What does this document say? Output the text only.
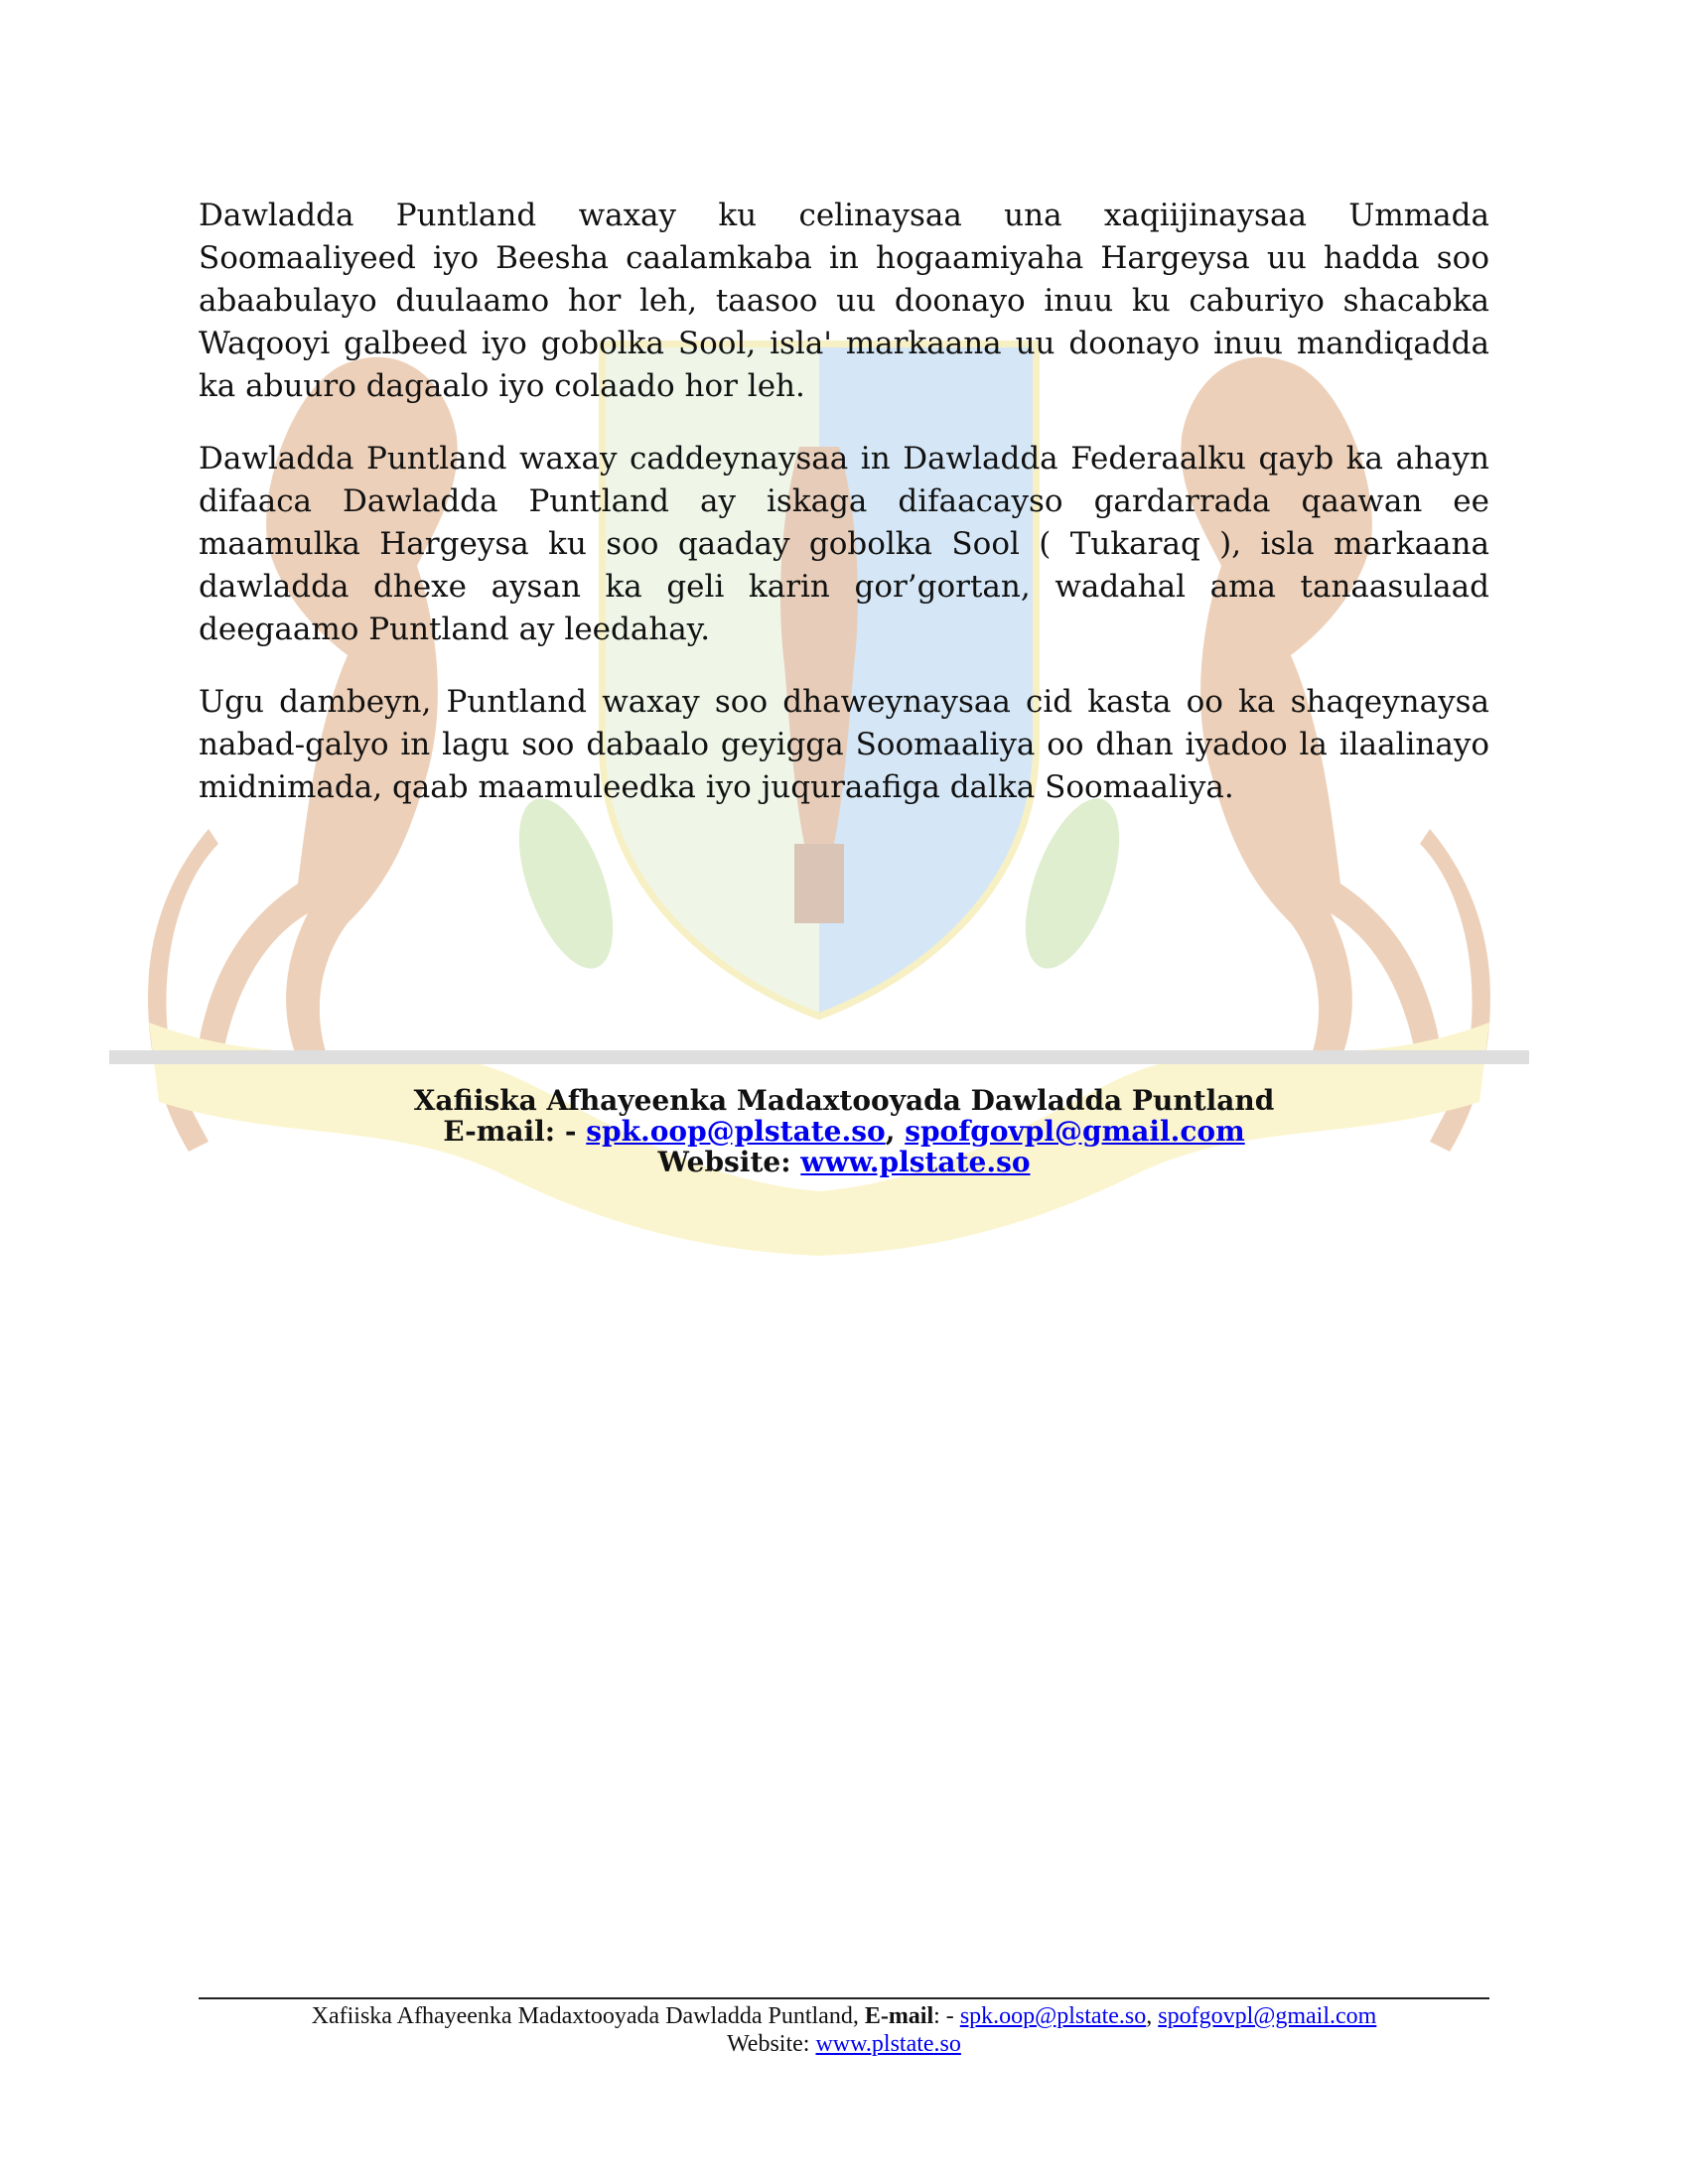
Dawladda Puntland waxay ku celinaysaa una xaqiijinaysaa Ummada Soomaaliyeed iyo Beesha caalamkaba in hogaamiyaha Hargeysa uu hadda soo abaabulayo duulaamo hor leh, taasoo uu doonayo inuu ku caburiyo shacabka Waqooyi galbeed iyo gobolka Sool, isla' markaana uu doonayo inuu mandiqadda ka abuuro dagaalo iyo colaado hor leh.

Dawladda Puntland waxay caddeynaysaa in Dawladda Federaalku qayb ka ahayn difaaca Dawladda Puntland ay iskaga difaacayso gardarrada qaawan ee maamulka Hargeysa ku soo qaaday gobolka Sool ( Tukaraq ), isla markaana dawladda dhexe aysan ka geli karin gor’gortan, wadahal ama tanaasulaad deegaamo Puntland ay leedahay.

Ugu dambeyn, Puntland waxay soo dhaweynaysaa cid kasta oo ka shaqeynaysa nabad-galyo in lagu soo dabaalo geyigga Soomaaliya oo dhan iyadoo la ilaalinayo midnimada, qaab maamuleedka iyo juquraafiga dalka Soomaaliya.

Xafiiska Afhayeenka Madaxtooyada Dawladda Puntland
E-mail: - spk.oop@plstate.so, spofgovpl@gmail.com
Website: www.plstate.so
Xafiiska Afhayeenka Madaxtooyada Dawladda Puntland, E-mail: - spk.oop@plstate.so, spofgovpl@gmail.com
Website: www.plstate.so
